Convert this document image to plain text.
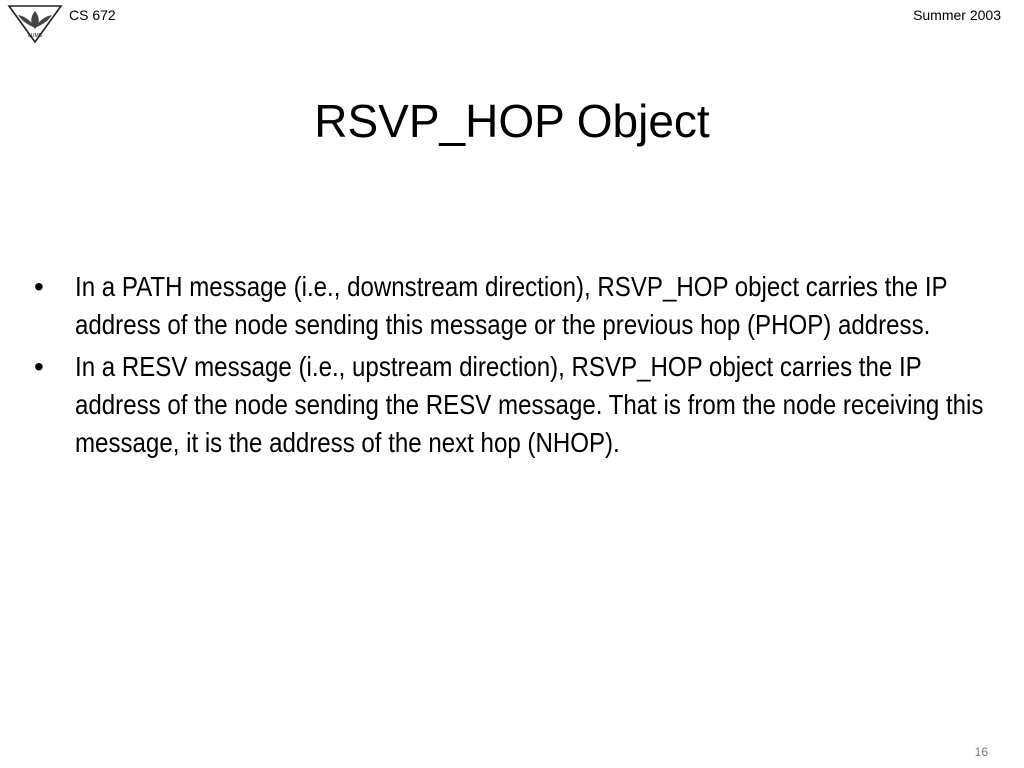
LUMS
CS 672	Summer 2003
RSVP_HOP Object
• In a PATH message (i.e., downstream direction), RSVP_HOP object carries the IP address of the node sending this message or the previous hop (PHOP) address.
• In a RESV message (i.e., upstream direction), RSVP_HOP object carries the IP address of the node sending the RESV message. That is from the node receiving this message, it is the address of the next hop (NHOP).
16
